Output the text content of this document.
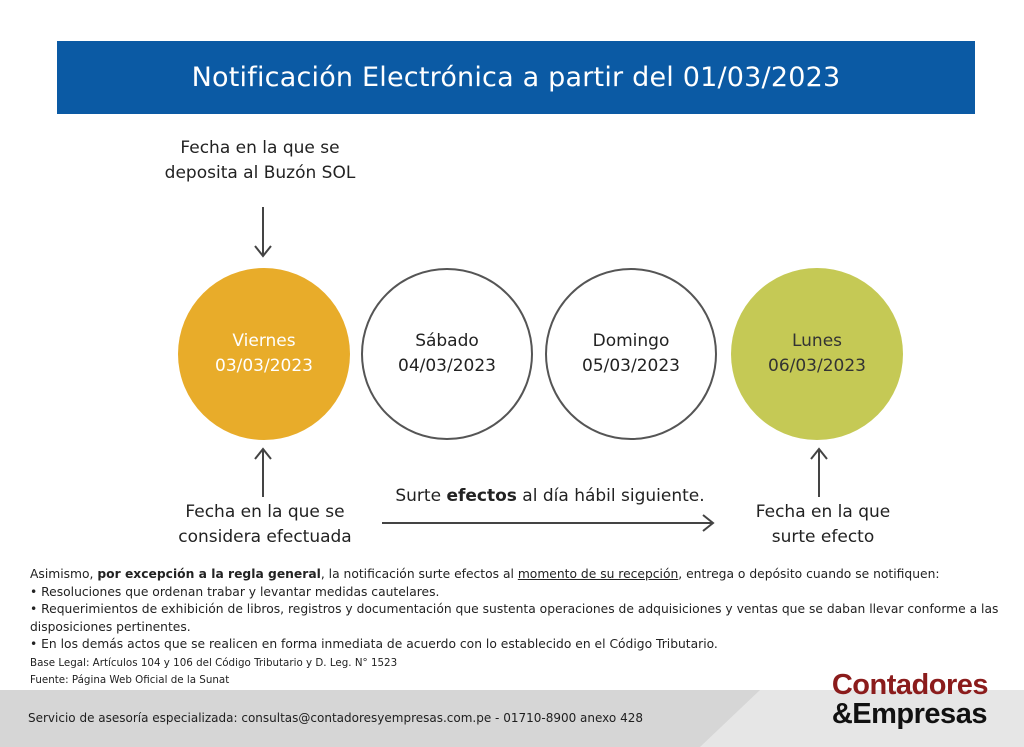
Notificación Electrónica a partir del 01/03/2023
Fecha en la que se
deposita al Buzón SOL
Viernes
03/03/2023
Sábado
04/03/2023
Domingo
05/03/2023
Lunes
06/03/2023
Surte efectos al día hábil siguiente.
Fecha en la que se
considera efectuada
Fecha en la que
surte efecto

Asimismo, por excepción a la regla general, la notificación surte efectos al momento de su recepción, entrega o depósito cuando se notifiquen:

• Resoluciones que ordenan trabar y levantar medidas cautelares.

• Requerimientos de exhibición de libros, registros y documentación que sustenta operaciones de adquisiciones y ventas que se daban llevar conforme a las disposiciones pertinentes.

• En los demás actos que se realicen en forma inmediata de acuerdo con lo establecido en el Código Tributario.

Base Legal: Artículos 104 y 106 del Código Tributario y D. Leg. N° 1523
Fuente: Página Web Oficial de la Sunat
Servicio de asesoría especializada: consultas@contadoresyempresas.com.pe - 01710-8900 anexo 428
Contadores
&Empresas
